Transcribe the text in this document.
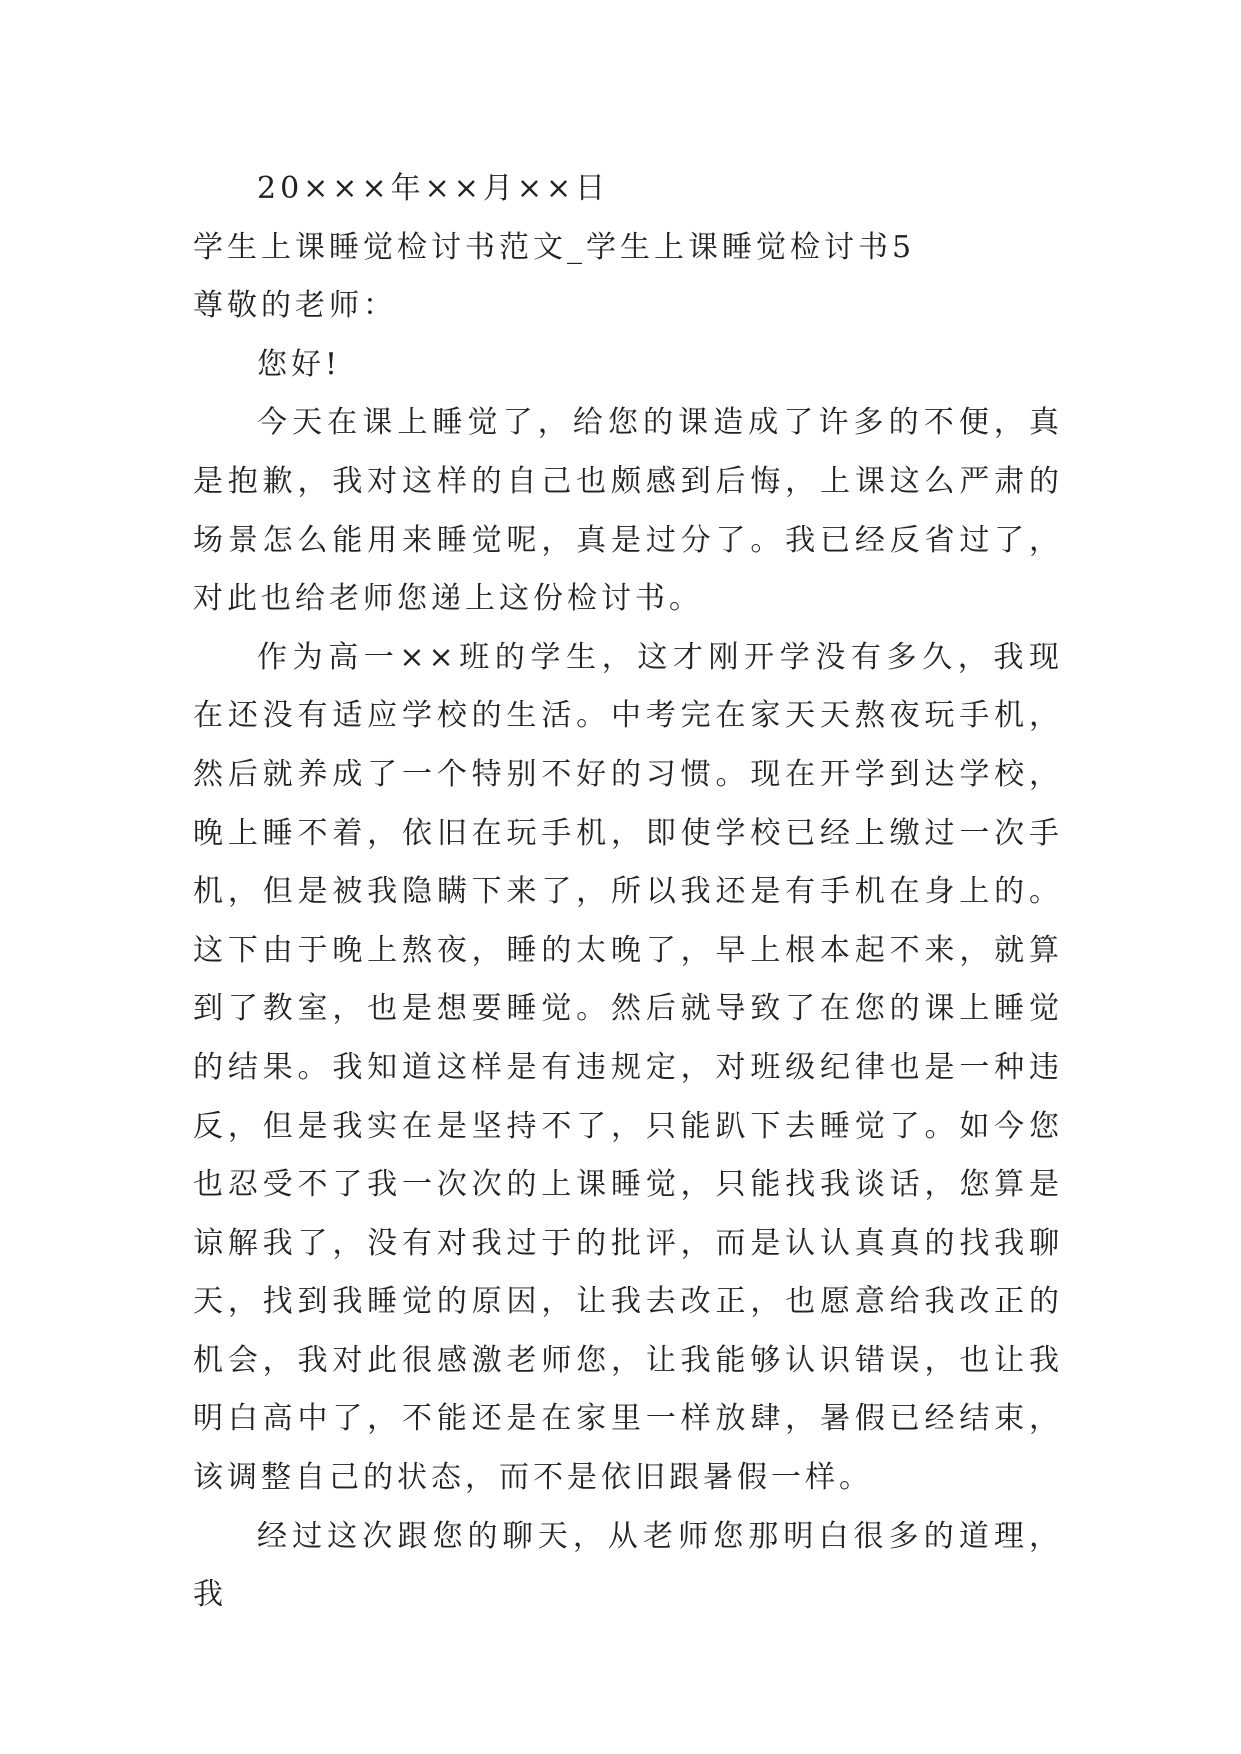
20×××年××月××日

学生上课睡觉检讨书范文_学生上课睡觉检讨书5

尊敬的老师：

您好!

今天在课上睡觉了，给您的课造成了许多的不便，真是抱歉，我对这样的自己也颇感到后悔，上课这么严肃的场景怎么能用来睡觉呢，真是过分了。我已经反省过了，对此也给老师您递上这份检讨书。

作为高一××班的学生，这才刚开学没有多久，我现在还没有适应学校的生活。中考完在家天天熬夜玩手机，然后就养成了一个特别不好的习惯。现在开学到达学校，晚上睡不着，依旧在玩手机，即使学校已经上缴过一次手机，但是被我隐瞒下来了，所以我还是有手机在身上的。这下由于晚上熬夜，睡的太晚了，早上根本起不来，就算到了教室，也是想要睡觉。然后就导致了在您的课上睡觉的结果。我知道这样是有违规定，对班级纪律也是一种违反，但是我实在是坚持不了，只能趴下去睡觉了。如今您也忍受不了我一次次的上课睡觉，只能找我谈话，您算是谅解我了，没有对我过于的批评，而是认认真真的找我聊天，找到我睡觉的原因，让我去改正，也愿意给我改正的机会，我对此很感激老师您，让我能够认识错误，也让我明白高中了，不能还是在家里一样放肆，暑假已经结束，该调整自己的状态，而不是依旧跟暑假一样。

经过这次跟您的聊天，从老师您那明白很多的道理，我
